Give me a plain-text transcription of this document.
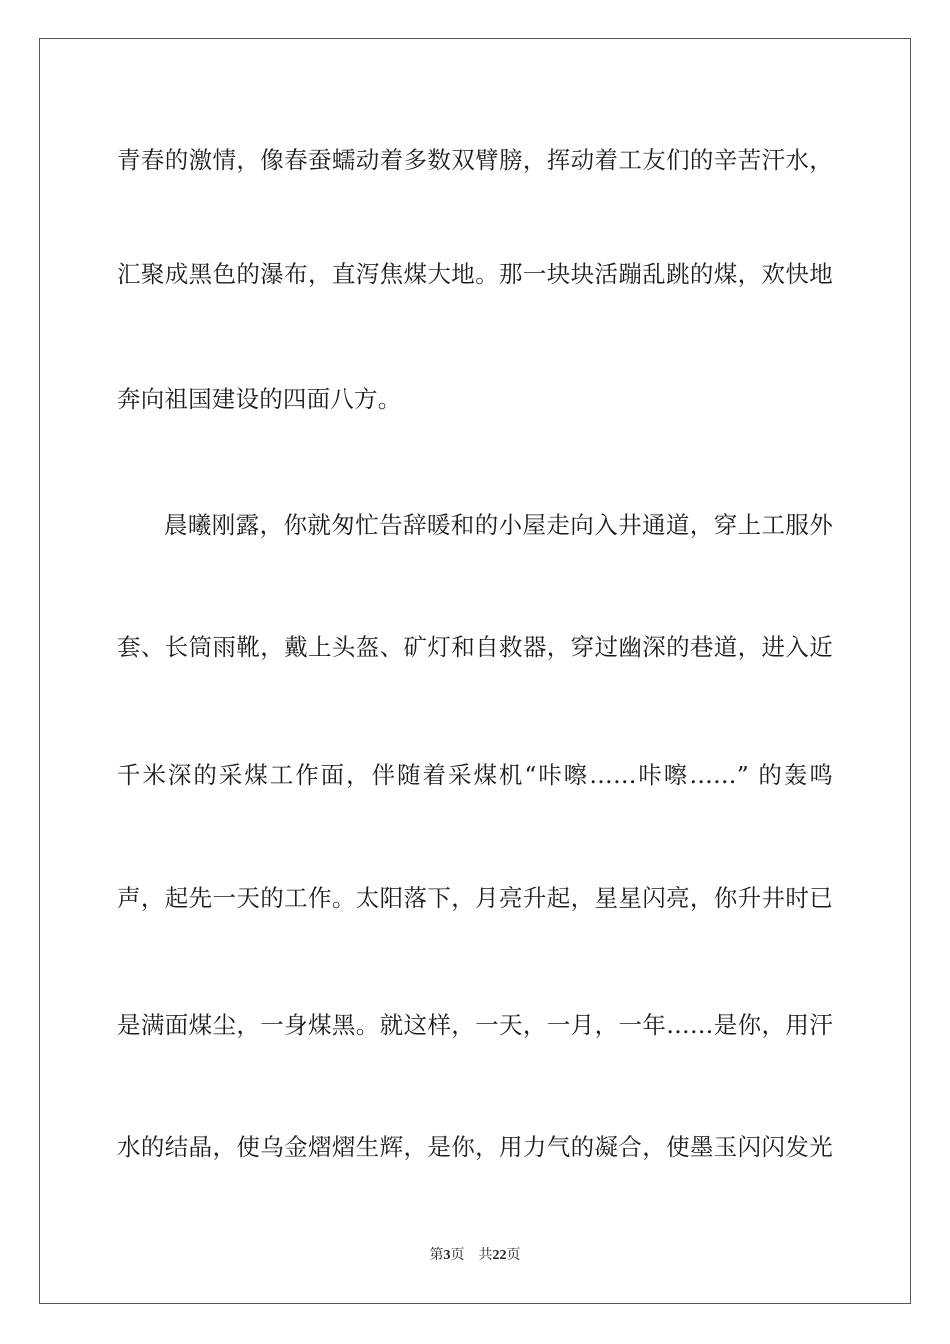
青春的激情，像春蚕蠕动着多数双臂膀，挥动着工友们的辛苦汗水，
汇聚成黑色的瀑布，直泻焦煤大地。那一块块活蹦乱跳的煤，欢快地
奔向祖国建设的四面八方。
晨曦刚露，你就匆忙告辞暖和的小屋走向入井通道，穿上工服外
套、长筒雨靴，戴上头盔、矿灯和自救器，穿过幽深的巷道，进入近
千米深的采煤工作面，伴随着采煤机“咔嚓……咔嚓……” 的轰鸣
声，起先一天的工作。太阳落下，月亮升起，星星闪亮，你升井时已
是满面煤尘，一身煤黑。就这样，一天，一月，一年……是你，用汗
水的结晶，使乌金熠熠生辉，是你，用力气的凝合，使墨玉闪闪发光
第3页 共22页
